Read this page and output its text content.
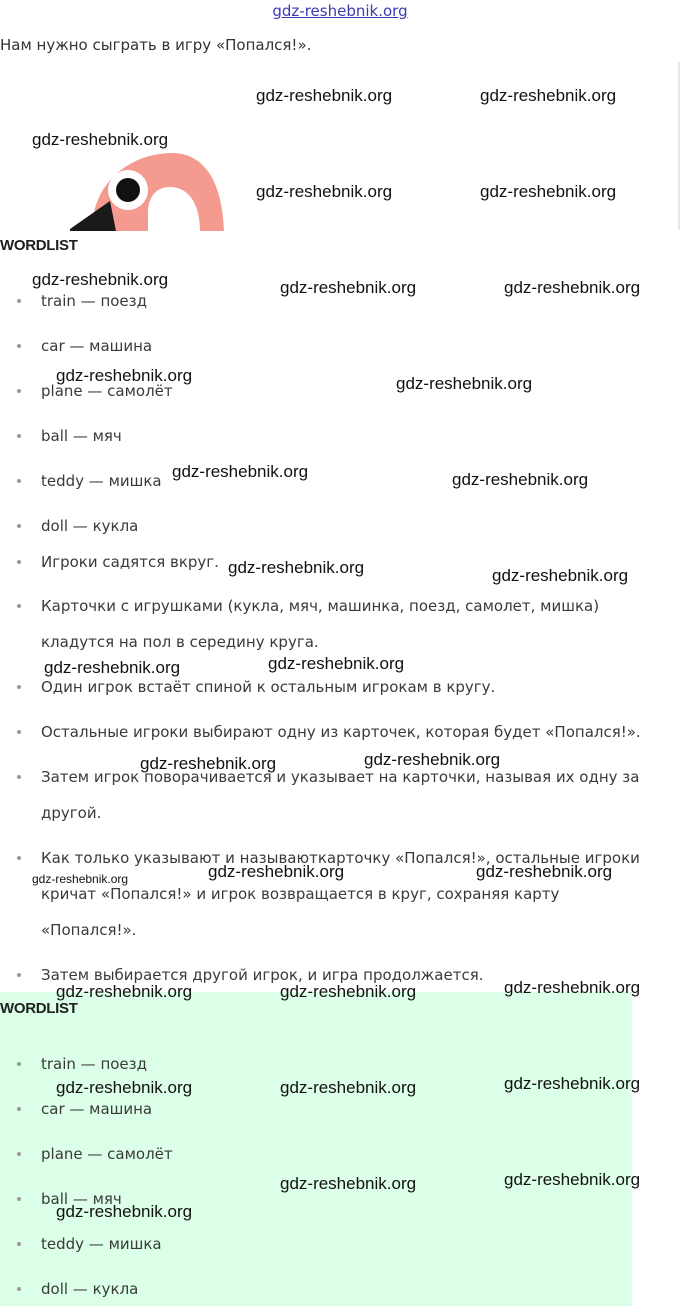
gdz-reshebnik.org

Нам нужно сыграть в игру «Попался!».

WORDLIST
train — поезд
car — машина
plane — самолёт
ball — мяч
teddy — мишка
doll — кукла
Игроки садятся вкруг.
Карточки с игрушками (кукла, мяч, машинка, поезд, самолет, мишка)
кладутся на пол в середину круга.
Один игрок встаёт спиной к остальным игрокам в кругу.
Остальные игроки выбирают одну из карточек, которая будет «Попался!».
Затем игрок поворачивается и указывает на карточки, называя их одну за
другой.
Как только указывают и называюткарточку «Попался!», остальные игроки
кричат «Попался!» и игрок возвращается в круг, сохраняя карту
«Попался!».
Затем выбирается другой игрок, и игра продолжается.
WORDLIST
train — поезд
car — машина
plane — самолёт
ball — мяч
teddy — мишка
doll — кукла
gdz-reshebnik.org	gdz-reshebnik.org
gdz-reshebnik.org
gdz-reshebnik.org	gdz-reshebnik.org
gdz-reshebnik.org	gdz-reshebnik.org	gdz-reshebnik.org
gdz-reshebnik.org	gdz-reshebnik.org
gdz-reshebnik.org	gdz-reshebnik.org
gdz-reshebnik.org	gdz-reshebnik.org
gdz-reshebnik.org	gdz-reshebnik.org
gdz-reshebnik.org	gdz-reshebnik.org
gdz-reshebnik.org	gdz-reshebnik.org	gdz-reshebnik.org
gdz-reshebnik.org	gdz-reshebnik.org	gdz-reshebnik.org
gdz-reshebnik.org	gdz-reshebnik.org	gdz-reshebnik.org
gdz-reshebnik.org	gdz-reshebnik.org
gdz-reshebnik.org
